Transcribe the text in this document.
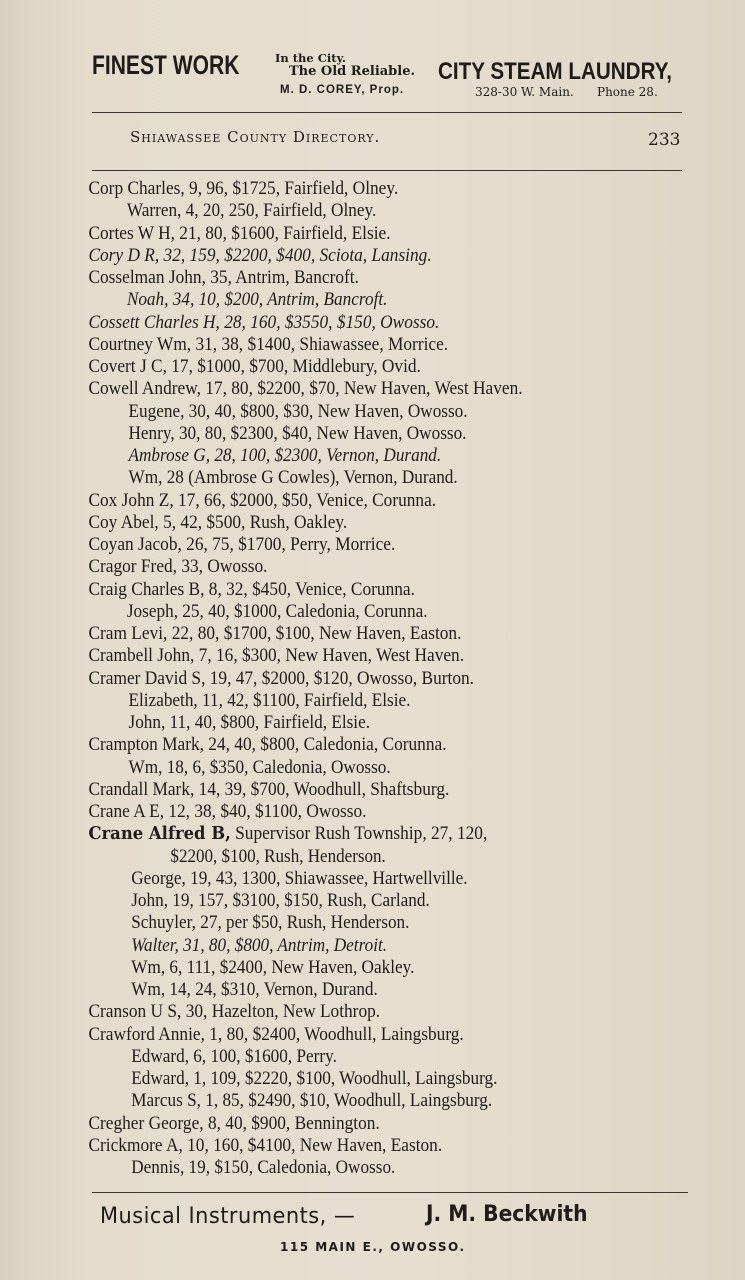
FINEST WORK	In the City.
The Old Reliable. CITY STEAM LAUNDRY,
M. D. COREY, Prop.	328-30 W. Main. Phone 28.
Shiawassee County Directory.	233
Corp Charles, 9, 96, $1725, Fairfield, Olney.
Warren, 4, 20, 250, Fairfield, Olney.
Cortes W H, 21, 80, $1600, Fairfield, Elsie.
Cory D R, 32, 159, $2200, $400, Sciota, Lansing.
Cosselman John, 35, Antrim, Bancroft.
Noah, 34, 10, $200, Antrim, Bancroft.
Cossett Charles H, 28, 160, $3550, $150, Owosso.
Courtney Wm, 31, 38, $1400, Shiawassee, Morrice.
Covert J C, 17, $1000, $700, Middlebury, Ovid.
Cowell Andrew, 17, 80, $2200, $70, New Haven, West Haven.
Eugene, 30, 40, $800, $30, New Haven, Owosso.
Henry, 30, 80, $2300, $40, New Haven, Owosso.
Ambrose G, 28, 100, $2300, Vernon, Durand.
Wm, 28 (Ambrose G Cowles), Vernon, Durand.
Cox John Z, 17, 66, $2000, $50, Venice, Corunna.
Coy Abel, 5, 42, $500, Rush, Oakley.
Coyan Jacob, 26, 75, $1700, Perry, Morrice.
Cragor Fred, 33, Owosso.
Craig Charles B, 8, 32, $450, Venice, Corunna.
Joseph, 25, 40, $1000, Caledonia, Corunna.
Cram Levi, 22, 80, $1700, $100, New Haven, Easton.
Crambell John, 7, 16, $300, New Haven, West Haven.
Cramer David S, 19, 47, $2000, $120, Owosso, Burton.
Elizabeth, 11, 42, $1100, Fairfield, Elsie.
John, 11, 40, $800, Fairfield, Elsie.
Crampton Mark, 24, 40, $800, Caledonia, Corunna.
Wm, 18, 6, $350, Caledonia, Owosso.
Crandall Mark, 14, 39, $700, Woodhull, Shaftsburg.
Crane A E, 12, 38, $40, $1100, Owosso.
Crane Alfred B, Supervisor Rush Township, 27, 120,
$2200, $100, Rush, Henderson.
George, 19, 43, 1300, Shiawassee, Hartwellville.
John, 19, 157, $3100, $150, Rush, Carland.
Schuyler, 27, per $50, Rush, Henderson.
Walter, 31, 80, $800, Antrim, Detroit.
Wm, 6, 111, $2400, New Haven, Oakley.
Wm, 14, 24, $310, Vernon, Durand.
Cranson U S, 30, Hazelton, New Lothrop.
Crawford Annie, 1, 80, $2400, Woodhull, Laingsburg.
Edward, 6, 100, $1600, Perry.
Edward, 1, 109, $2220, $100, Woodhull, Laingsburg.
Marcus S, 1, 85, $2490, $10, Woodhull, Laingsburg.
Cregher George, 8, 40, $900, Bennington.
Crickmore A, 10, 160, $4100, New Haven, Easton.
Dennis, 19, $150, Caledonia, Owosso.
Musical Instruments, —	J. M. Beckwith
115 MAIN E., OWOSSO.
